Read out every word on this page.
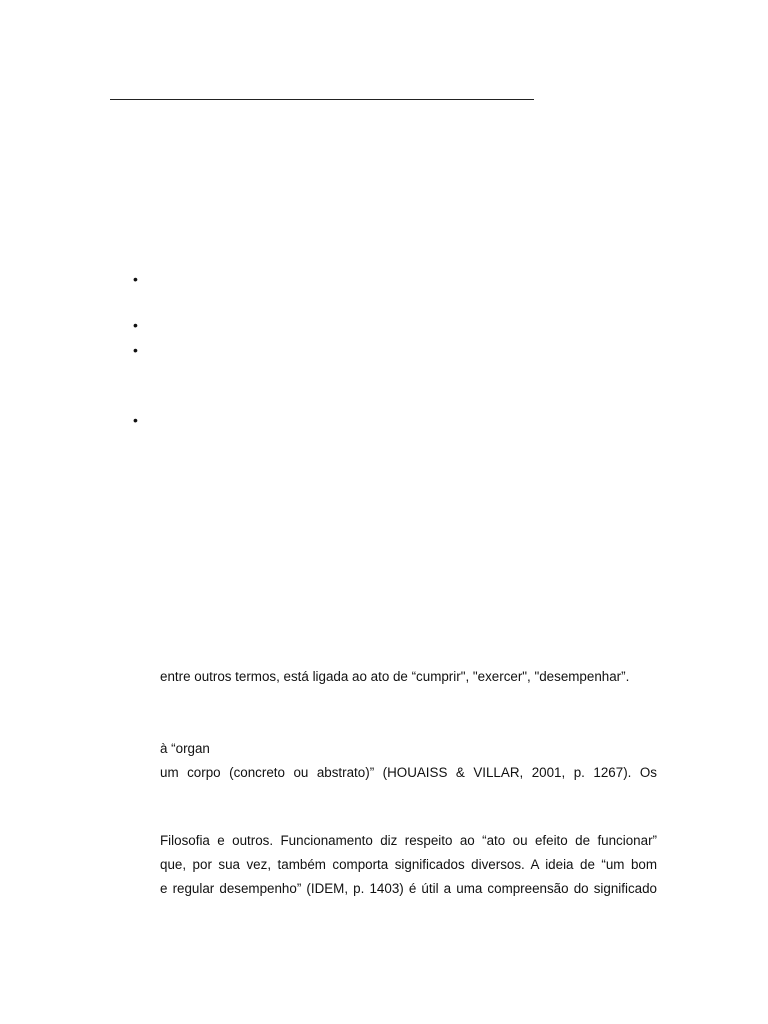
•
•
•
•
entre outros termos, está ligada ao ato de “cumprir", "exercer", "desempenhar”.
à “organ
um corpo (concreto ou abstrato)” (HOUAISS & VILLAR, 2001, p. 1267). Os
Filosofia e outros. Funcionamento diz respeito ao “ato ou efeito de funcionar”
que, por sua vez, também comporta significados diversos. A ideia de “um bom
e regular desempenho” (IDEM, p. 1403) é útil a uma compreensão do significado
